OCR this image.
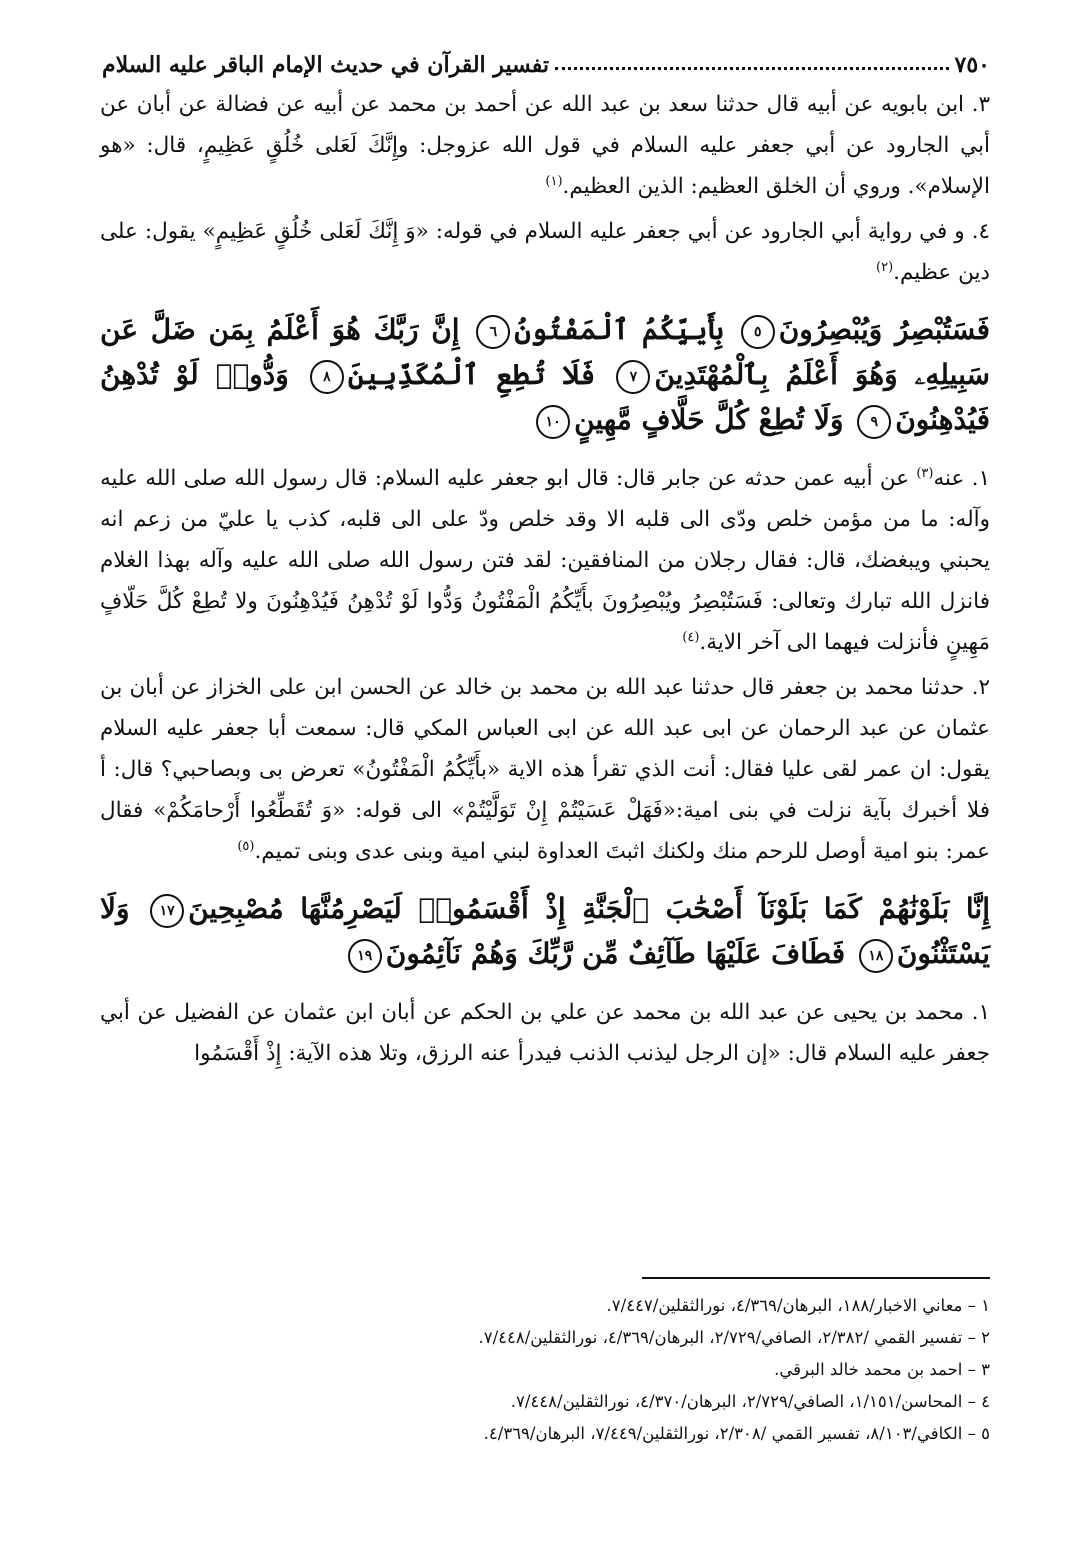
٧٥٠
تفسير القرآن في حديث الإمام الباقر عليه السلام

٣. ابن بابويه عن أبيه قال حدثنا سعد بن عبد الله عن أحمد بن محمد عن أبيه عن فضالة عن أبان عن أبي الجارود عن أبي جعفر عليه السلام في قول الله عزوجل: وإِنَّكَ لَعَلى خُلُقٍ عَظِيمٍ، قال: «هو الإسلام». وروي أن الخلق العظيم: الذين العظيم.$^{(١)}$

٤. و في رواية أبي الجارود عن أبي جعفر عليه السلام في قوله: «وَ إِنَّكَ لَعَلى خُلُقٍ عَظِيمٍ» يقول: على دين عظيم.$^{(٢)}$

فَسَتُبْصِرُ وَيُبْصِرُونَ٥ بِأَييِّكُمُ ٱلْمَفْتُونُ٦ إِنَّ رَبَّكَ هُوَ أَعْلَمُ بِمَن ضَلَّ عَن سَبِيلِهِۦ وَهُوَ أَعْلَمُ بِٱلْمُهْتَدِينَ٧ فَلَا تُطِعِ ٱلْمُكَذِّبِينَ٨ وَدُّوا۟ لَوْ تُدْهِنُ فَيُدْهِنُونَ٩ وَلَا تُطِعْ كُلَّ حَلَّافٍ مَّهِينٍ١٠

١. عنه$^{(٣)}$ عن أبيه عمن حدثه عن جابر قال: قال ابو جعفر عليه السلام: قال رسول الله صلى الله عليه وآله: ما من مؤمن خلص ودّى الى قلبه الا وقد خلص ودّ على الى قلبه، كذب يا عليّ من زعم انه يحبني ويبغضك، قال: فقال رجلان من المنافقين: لقد فتن رسول الله صلى الله عليه وآله بهذا الغلام فانزل الله تبارك وتعالى: فَسَتُبْصِرُ ويُبْصِرُونَ بأَيِّكُمُ الْمَفْتُونُ وَدُّوا لَوْ تُدْهِنُ فَيُدْهِنُونَ ولا تُطِعْ كُلَّ حَلّافٍ مَهِينٍ فأنزلت فيهما الى آخر الاية.$^{(٤)}$

٢. حدثنا محمد بن جعفر قال حدثنا عبد الله بن محمد بن خالد عن الحسن ابن على الخزاز عن أبان بن عثمان عن عبد الرحمان عن ابى عبد الله عن ابى العباس المكي قال: سمعت أبا جعفر عليه السلام يقول: ان عمر لقى عليا فقال: أنت الذي تقرأ هذه الاية «بأَيِّكُمُ الْمَفْتُونُ» تعرض بى وبصاحبي؟ قال: أ فلا أخبرك بآية نزلت في بنى امية:«فَهَلْ عَسَيْتُمْ إِنْ تَوَلَّيْتُمْ» الى قوله: «وَ تُقَطِّعُوا أَرْحامَكُمْ» فقال عمر: بنو امية أوصل للرحم منك ولكنك اثبتَ العداوة لبني امية وبنى عدى وبنى تميم.$^{(٥)}$

إِنَّا بَلَوْنَٰهُمْ كَمَا بَلَوْنَآ أَصْحَٰبَ ٱلْجَنَّةِ إِذْ أَقْسَمُوا۟ لَيَصْرِمُنَّهَا مُصْبِحِينَ١٧ وَلَا يَسْتَثْنُونَ١٨ فَطَافَ عَلَيْهَا طَآئِفٌ مِّن رَّبِّكَ وَهُمْ نَآئِمُونَ١٩

١. محمد بن يحيى عن عبد الله بن محمد عن علي بن الحكم عن أبان ابن عثمان عن الفضيل عن أبي جعفر عليه السلام قال: «إن الرجل ليذنب الذنب فيدرأ عنه الرزق، وتلا هذه الآية: إِذْ أَقْسَمُوا

١ – معاني الاخبار/١٨٨، البرهان/٤/٣٦٩، نورالثقلين/٧/٤٤٧.
٢ – تفسير القمي /٢/٣٨٢، الصافي/٢/٧٢٩، البرهان/٤/٣٦٩، نورالثقلين/٧/٤٤٨.
٣ – احمد بن محمد خالد البرقي.
٤ – المحاسن/١/١٥١، الصافي/٢/٧٢٩، البرهان/٤/٣٧٠، نورالثقلين/٧/٤٤٨.
٥ – الكافي/٨/١٠٣، تفسير القمي /٢/٣٠٨، نورالثقلين/٧/٤٤٩، البرهان/٤/٣٦٩.
